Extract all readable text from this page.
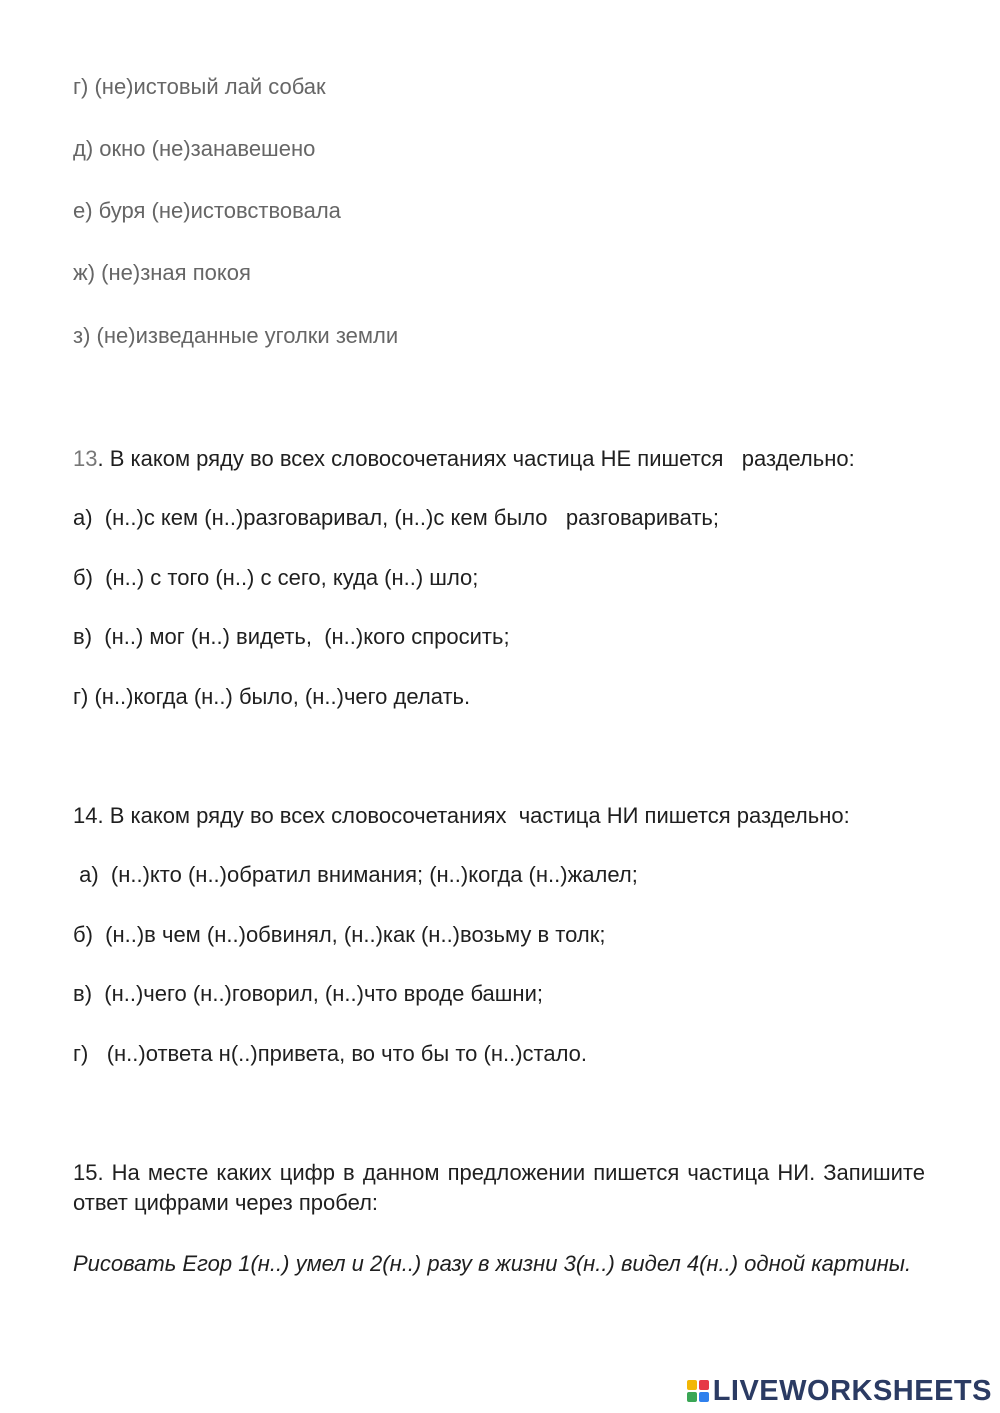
г) (не)истовый лай собак
д) окно (не)занавешено
е) буря (не)истовствовала
ж) (не)зная покоя
з) (не)изведанные уголки земли
13. В каком ряду во всех словосочетаниях частица НЕ пишется   раздельно:
а)  (н..)с кем (н..)разговаривал, (н..)с кем было   разговаривать;
б)  (н..) с того (н..) с сего, куда (н..) шло;
в)  (н..) мог (н..) видеть,  (н..)кого спросить;
г) (н..)когда (н..) было, (н..)чего делать.
14. В каком ряду во всех словосочетаниях  частица НИ пишется раздельно:
а)  (н..)кто (н..)обратил внимания; (н..)когда (н..)жалел;
б)  (н..)в чем (н..)обвинял, (н..)как (н..)возьму в толк;
в)  (н..)чего (н..)говорил, (н..)что вроде башни;
г)   (н..)ответа н(..)привета, во что бы то (н..)стало.
15. На месте каких цифр в данном предложении пишется частица НИ. Запишите ответ цифрами через пробел:
Рисовать Егор 1(н..) умел и 2(н..) разу в жизни 3(н..) видел 4(н..) одной картины.
LIVEWORKSHEETS
